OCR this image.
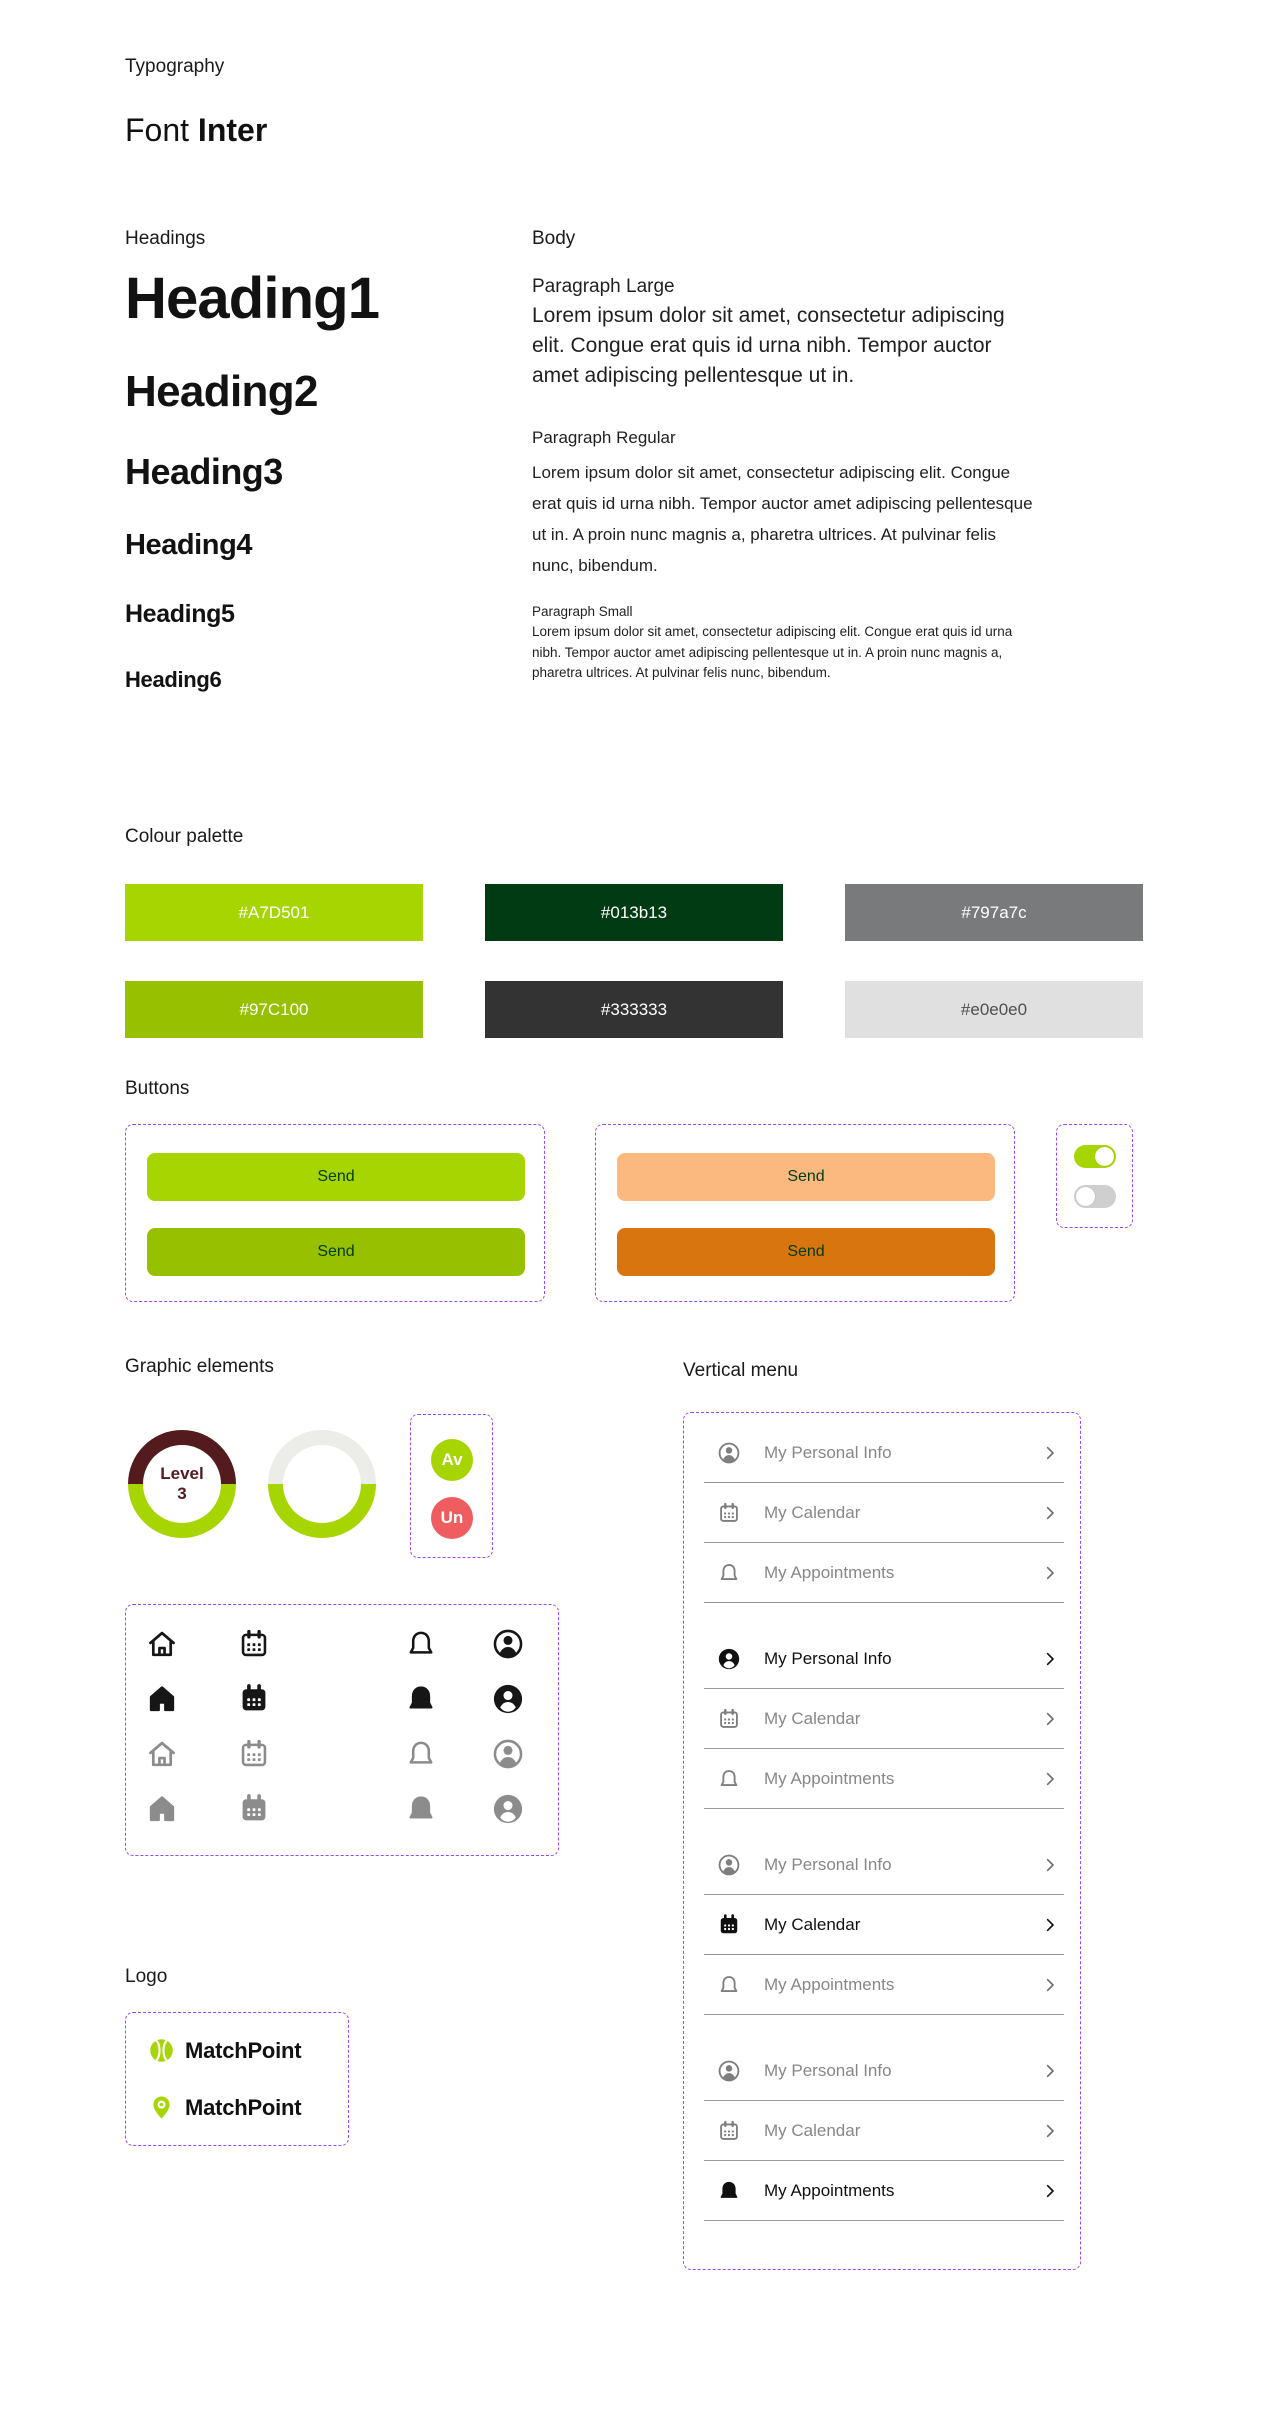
Typography
Font Inter
Headings
Heading1
Heading2
Heading3
Heading4
Heading5
Heading6
Body
Paragraph Large
Lorem ipsum dolor sit amet, consectetur adipiscing elit. Congue erat quis id urna nibh. Tempor auctor amet adipiscing pellentesque ut in.
Paragraph Regular
Lorem ipsum dolor sit amet, consectetur adipiscing elit. Congue erat quis id urna nibh. Tempor auctor amet adipiscing pellentesque ut in. A proin nunc magnis a, pharetra ultrices. At pulvinar felis nunc, bibendum.
Paragraph Small
Lorem ipsum dolor sit amet, consectetur adipiscing elit. Congue erat quis id urna nibh. Tempor auctor amet adipiscing pellentesque ut in. A proin nunc magnis a, pharetra ultrices. At pulvinar felis nunc, bibendum.
Colour palette
#A7D501	#013b13	#797a7c
#97C100	#333333	#e0e0e0
Buttons
Send
Send
Send
Send
Graphic elements
Level
3
Av
Un
Logo
MatchPoint
MatchPoint
Vertical menu
My Personal Info
My Calendar
My Appointments
My Personal Info
My Calendar
My Appointments
My Personal Info
My Calendar
My Appointments
My Personal Info
My Calendar
My Appointments
